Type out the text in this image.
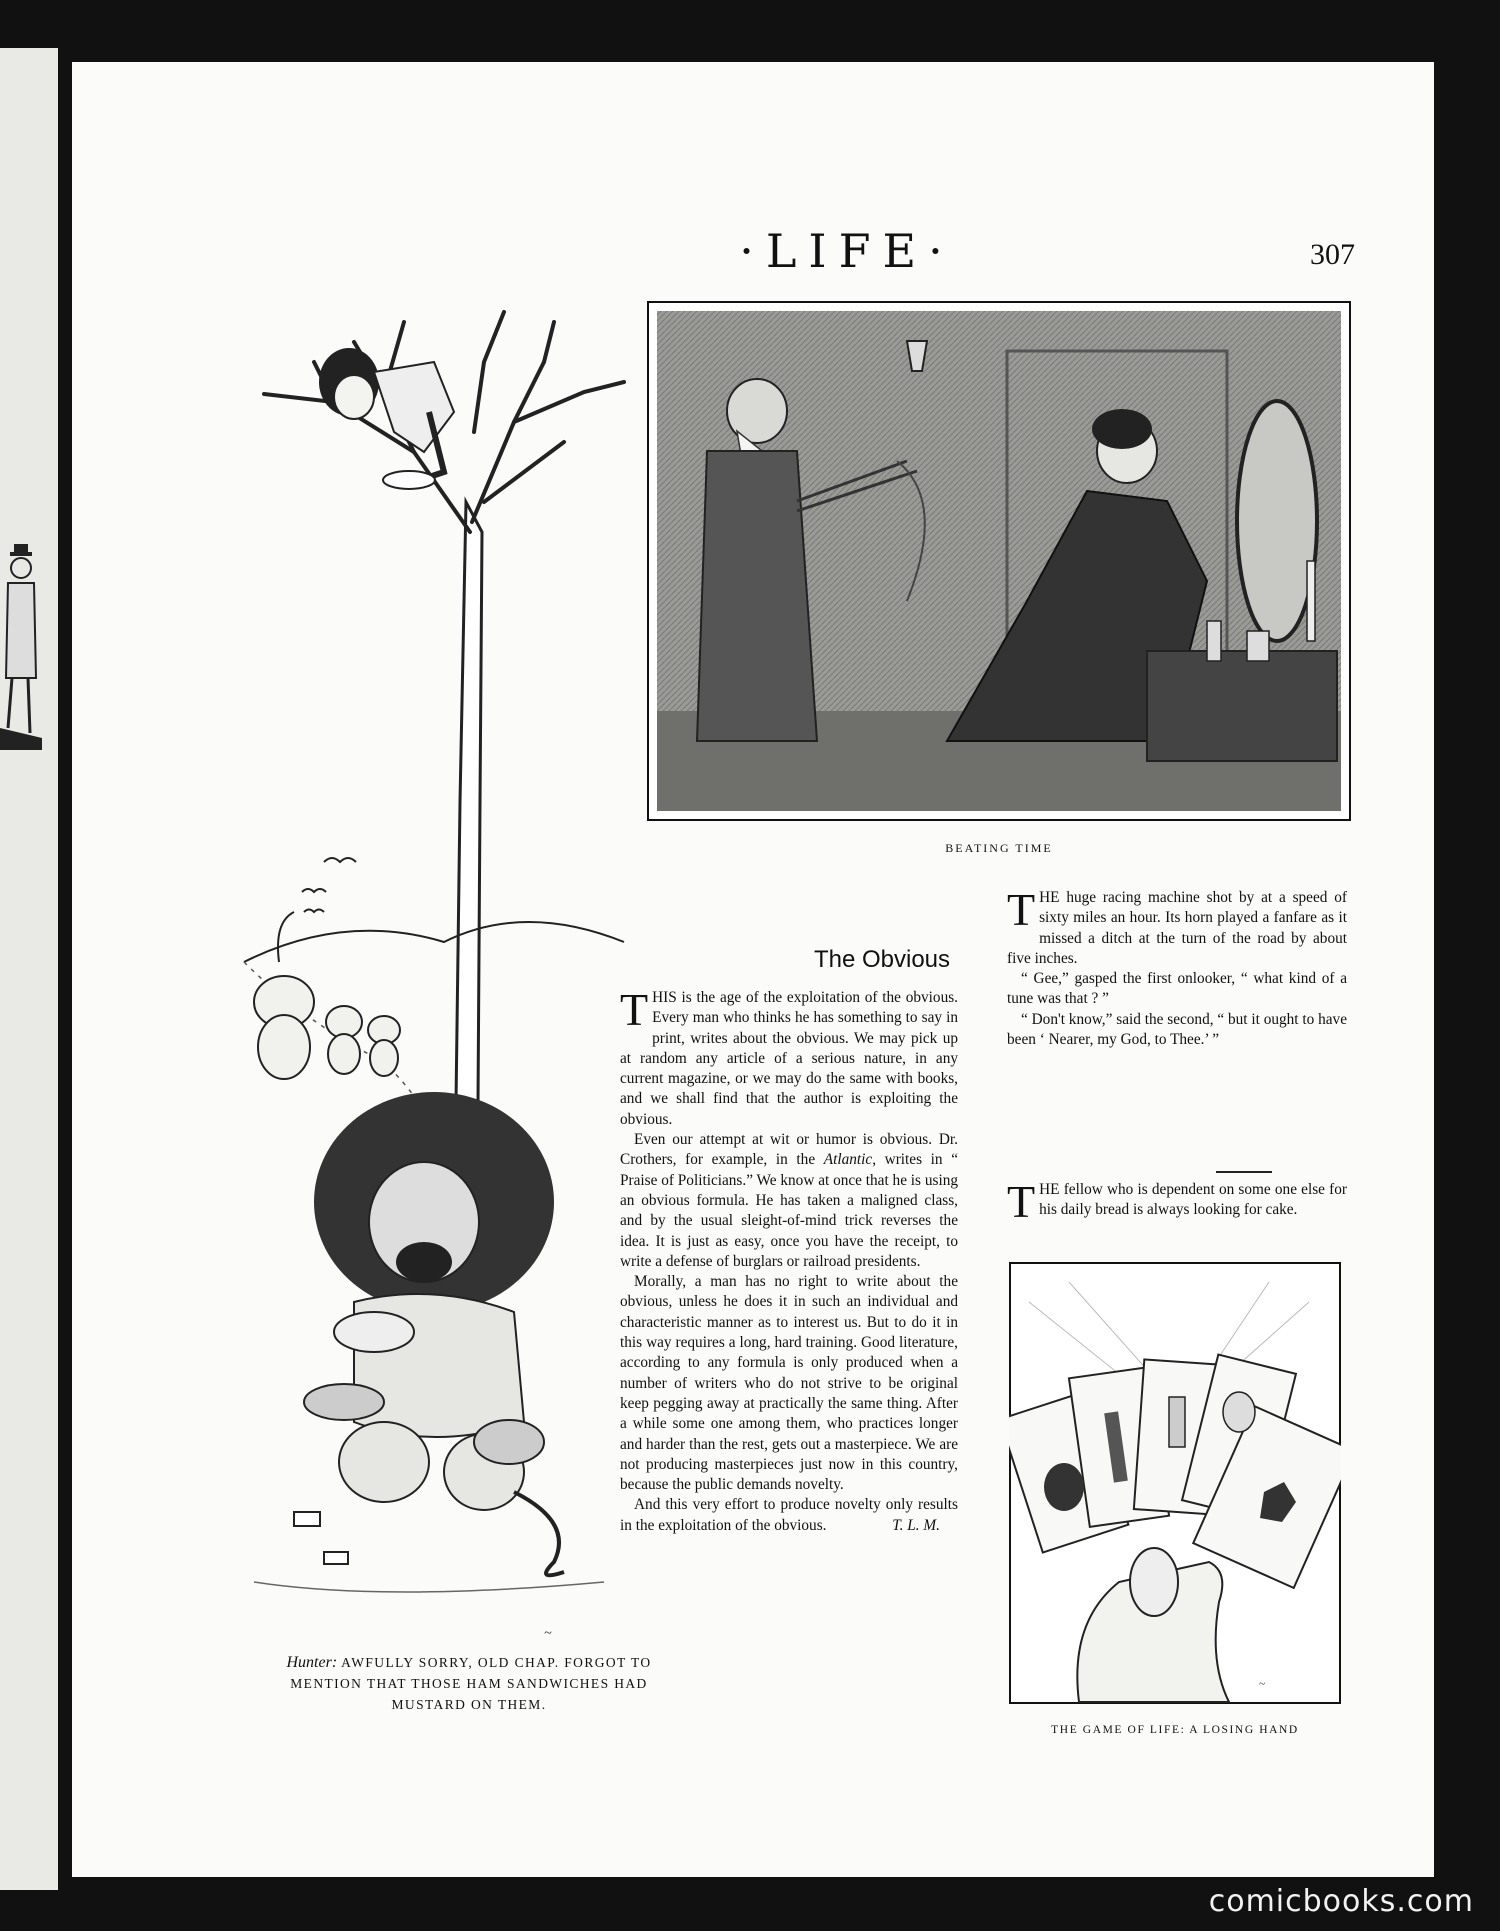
·LIFE·	307
~
Hunter: AWFULLY SORRY, OLD CHAP. FORGOT TO MENTION THAT THOSE HAM SANDWICHES HAD MUSTARD ON THEM.
BEATING TIME
The Obvious

THIS is the age of the exploitation of the obvious. Every man who thinks he has something to say in print, writes about the obvious. We may pick up at random any article of a serious nature, in any current magazine, or we may do the same with books, and we shall find that the author is exploiting the obvious.

Even our attempt at wit or humor is obvious. Dr. Crothers, for example, in the Atlantic, writes in “ Praise of Politicians.” We know at once that he is using an obvious formula. He has taken a maligned class, and by the usual sleight-of-mind trick reverses the idea. It is just as easy, once you have the receipt, to write a defense of burglars or railroad presidents.

Morally, a man has no right to write about the obvious, unless he does it in such an individual and characteristic manner as to interest us. But to do it in this way requires a long, hard training. Good literature, according to any formula is only produced when a number of writers who do not strive to be original keep pegging away at practically the same thing. After a while some one among them, who practices longer and harder than the rest, gets out a masterpiece. We are not producing masterpieces just now in this country, because the public demands novelty.

And this very effort to produce novelty only results in the exploitation of the obvious.	T. L. M.

THE huge racing machine shot by at a speed of sixty miles an hour. Its horn played a fanfare as it missed a ditch at the turn of the road by about five inches.

“ Gee,” gasped the first onlooker, “ what kind of a tune was that ? ”

“ Don't know,” said the second, “ but it ought to have been ‘ Nearer, my God, to Thee.’ ”

THE fellow who is dependent on some one else for his daily bread is always looking for cake.

~
THE GAME OF LIFE: A LOSING HAND
comicbooks.com
